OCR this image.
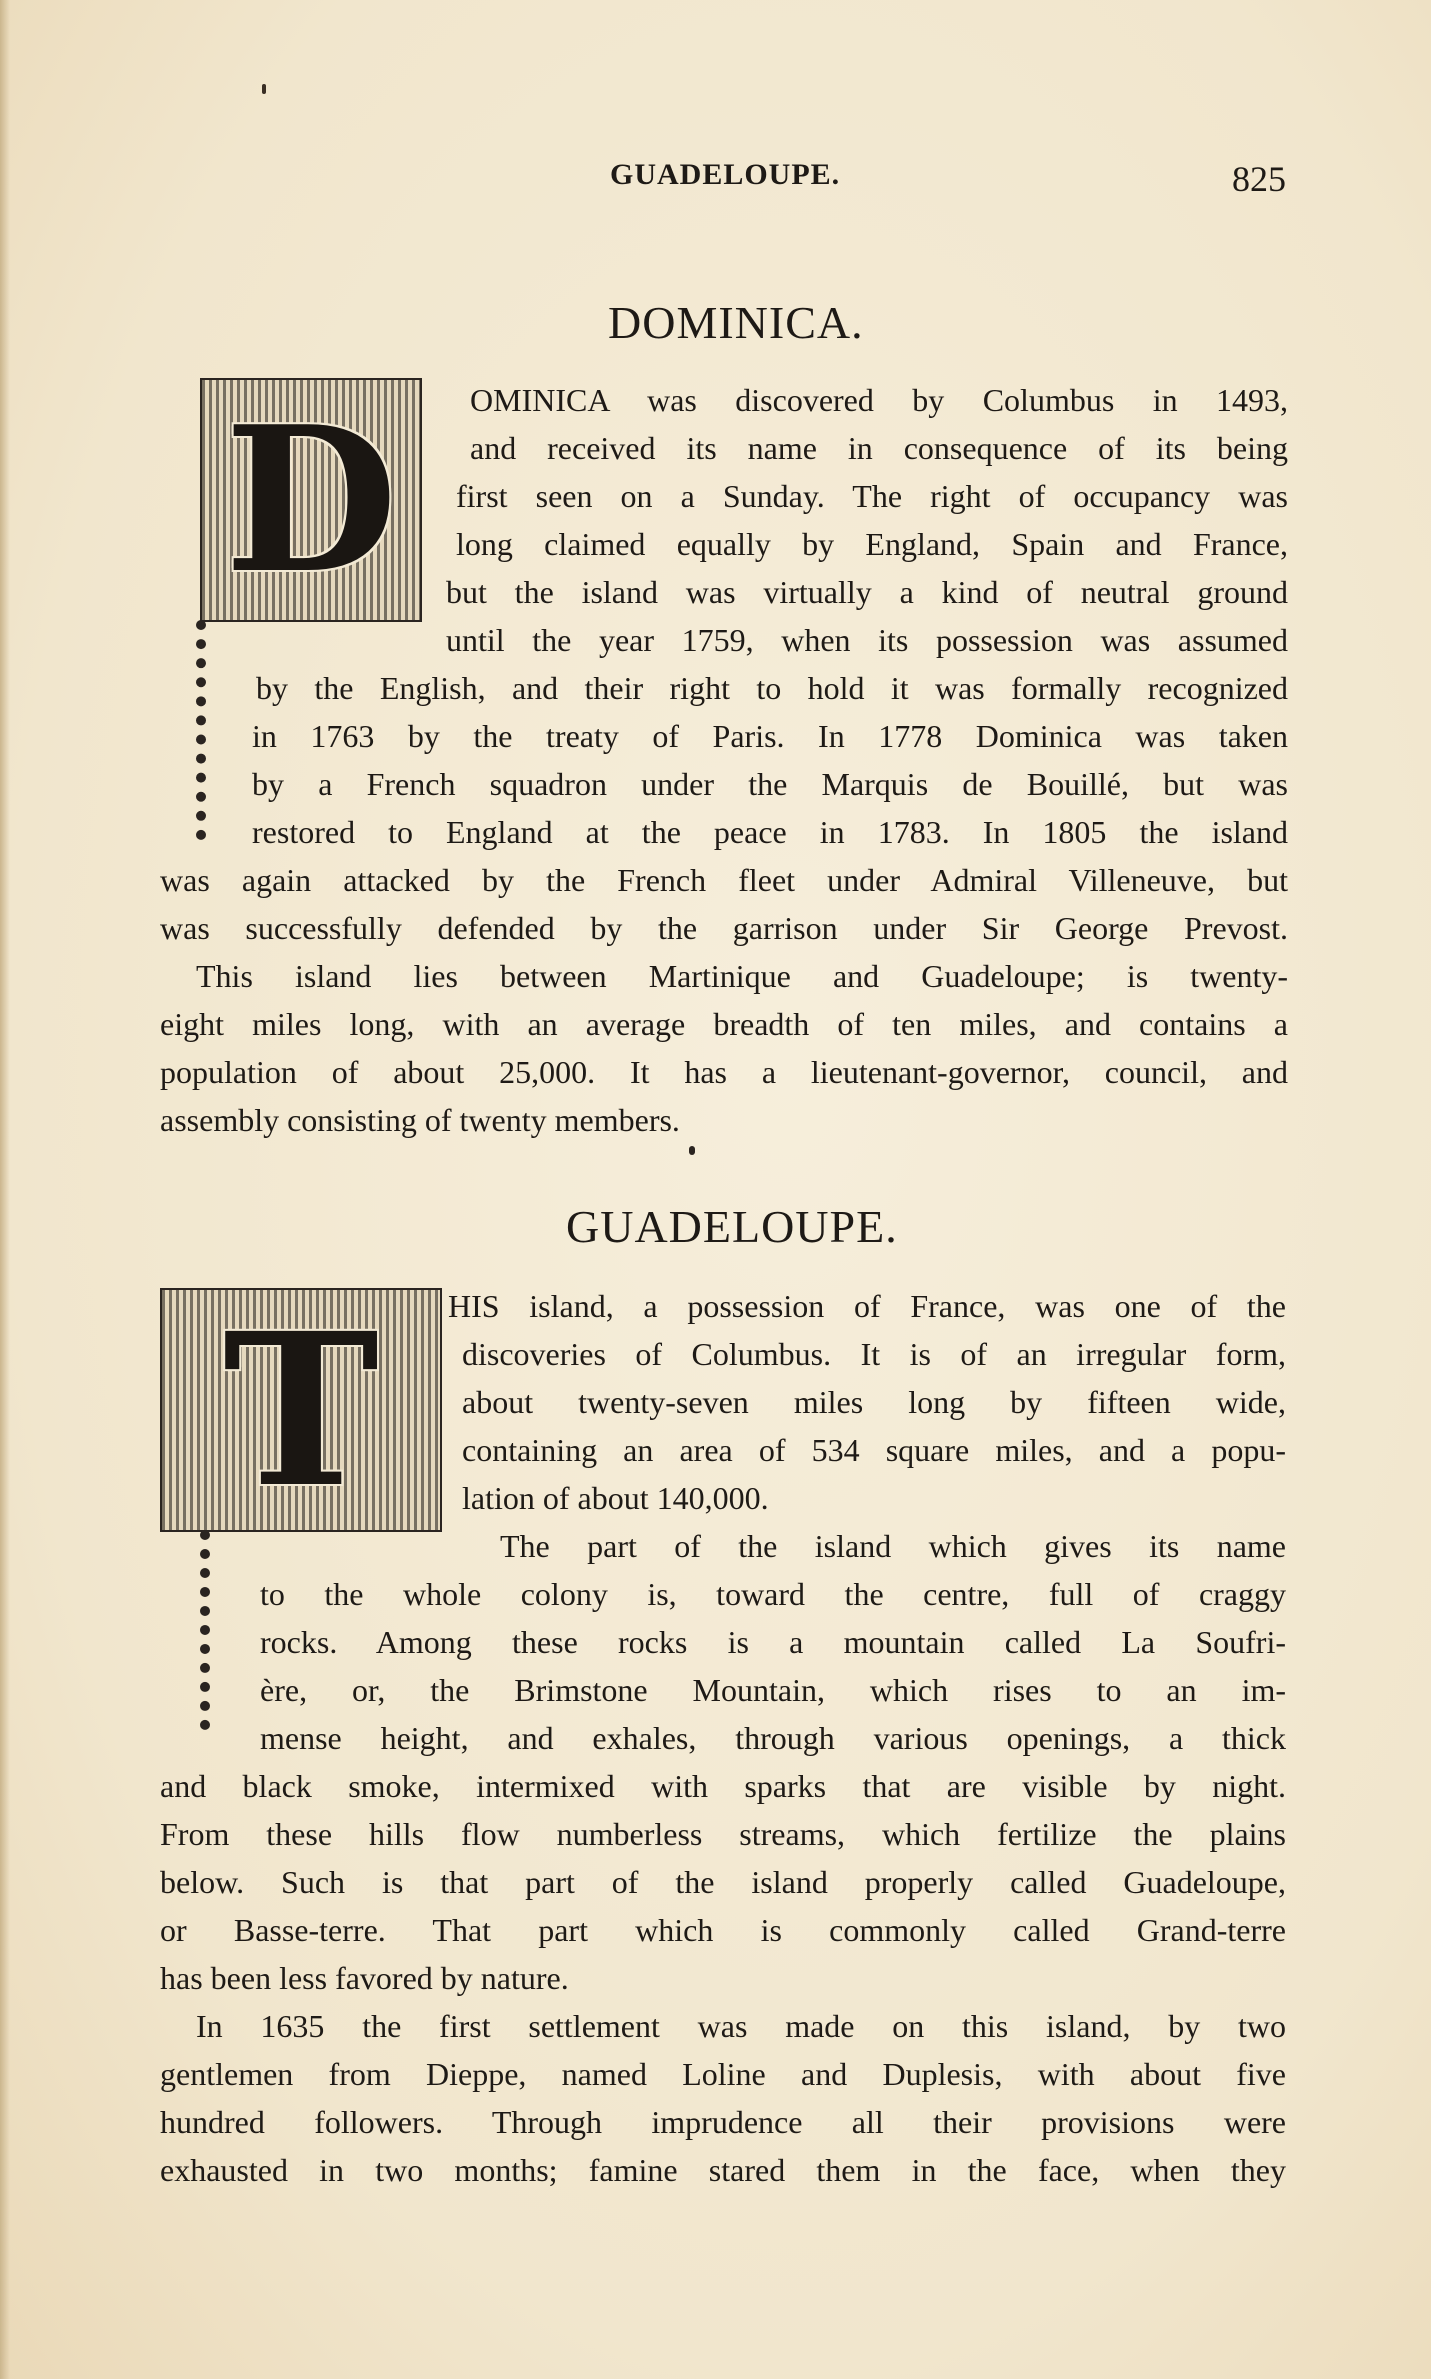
GUADELOUPE.	825
DOMINICA.
D	OMINICA was discovered by Columbus in 1493,
and received its name in consequence of its being
first seen on a Sunday. The right of occupancy was
long claimed equally by England, Spain and France,
but the island was virtually a kind of neutral ground
until the year 1759, when its possession was assumed
by the English, and their right to hold it was formally recognized
in 1763 by the treaty of Paris. In 1778 Dominica was taken
by a French squadron under the Marquis de Bouillé, but was
restored to England at the peace in 1783. In 1805 the island
was again attacked by the French fleet under Admiral Villeneuve, but
was successfully defended by the garrison under Sir George Prevost.
This island lies between Martinique and Guadeloupe; is twenty-
eight miles long, with an average breadth of ten miles, and contains a
population of about 25,000. It has a lieutenant-governor, council, and
assembly consisting of twenty members.
GUADELOUPE.
T	HIS island, a possession of France, was one of the
discoveries of Columbus. It is of an irregular form,
about twenty-seven miles long by fifteen wide,
containing an area of 534 square miles, and a popu-
lation of about 140,000.
The part of the island which gives its name
to the whole colony is, toward the centre, full of craggy
rocks. Among these rocks is a mountain called La Soufri-
ère, or, the Brimstone Mountain, which rises to an im-
mense height, and exhales, through various openings, a thick
and black smoke, intermixed with sparks that are visible by night.
From these hills flow numberless streams, which fertilize the plains
below. Such is that part of the island properly called Guadeloupe,
or Basse-terre. That part which is commonly called Grand-terre
has been less favored by nature.
In 1635 the first settlement was made on this island, by two
gentlemen from Dieppe, named Loline and Duplesis, with about five
hundred followers. Through imprudence all their provisions were
exhausted in two months; famine stared them in the face, when they
